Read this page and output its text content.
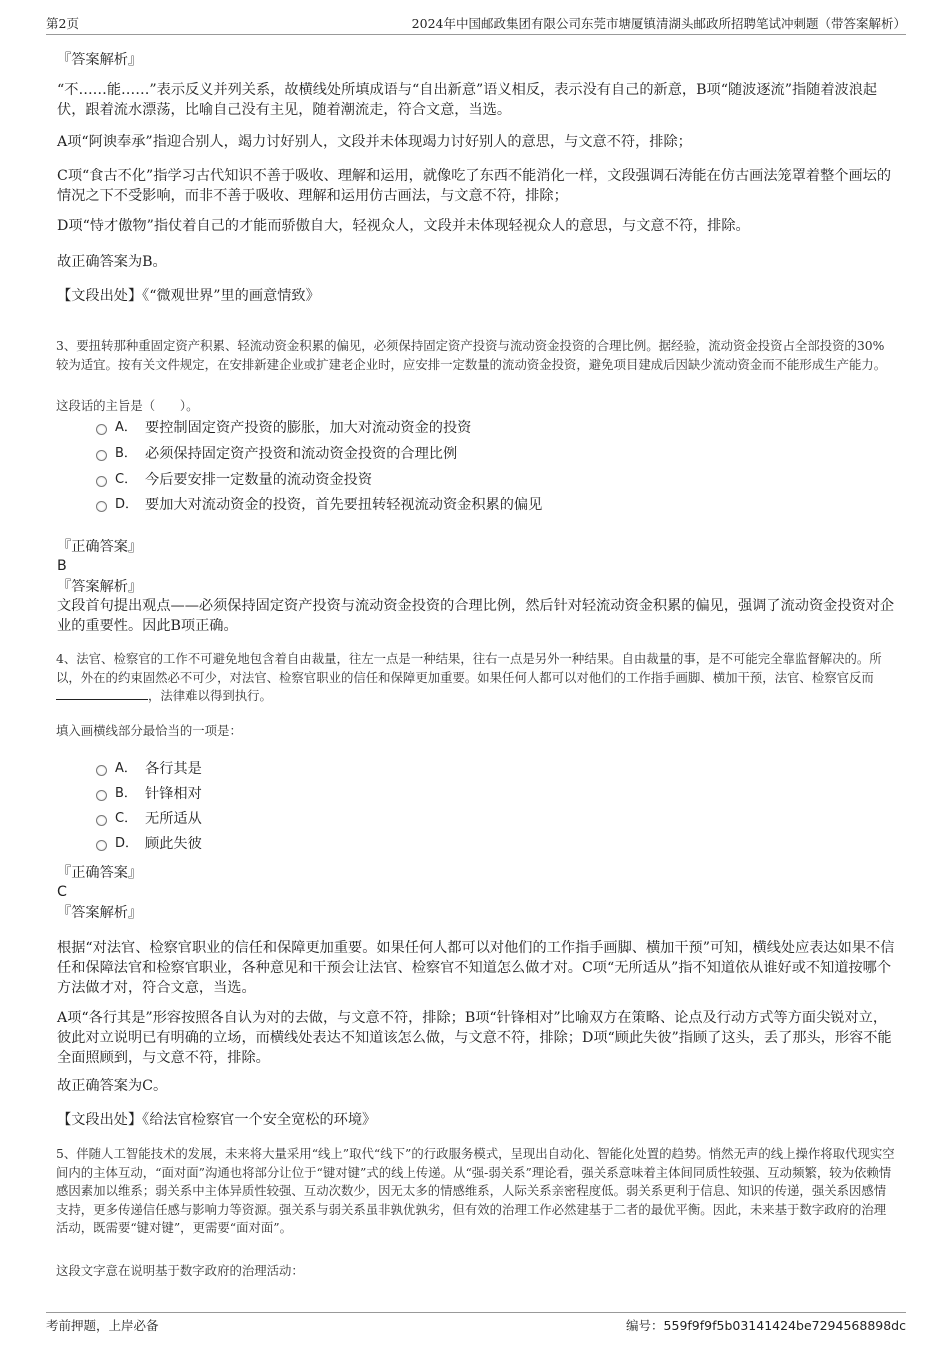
第2页	2024年中国邮政集团有限公司东莞市塘厦镇清湖头邮政所招聘笔试冲刺题（带答案解析）
『答案解析』
“不……能……”表示反义并列关系，故横线处所填成语与“自出新意”语义相反，表示没有自己的新意，B项“随波逐流”指随着波浪起伏，跟着流水漂荡，比喻自己没有主见，随着潮流走，符合文意，当选。
A项“阿谀奉承”指迎合别人，竭力讨好别人，文段并未体现竭力讨好别人的意思，与文意不符，排除；
C项“食古不化”指学习古代知识不善于吸收、理解和运用，就像吃了东西不能消化一样，文段强调石涛能在仿古画法笼罩着整个画坛的情况之下不受影响，而非不善于吸收、理解和运用仿古画法，与文意不符，排除；
D项“恃才傲物”指仗着自己的才能而骄傲自大，轻视众人，文段并未体现轻视众人的意思，与文意不符，排除。
故正确答案为B。
【文段出处】《“微观世界”里的画意情致》
3、要扭转那种重固定资产积累、轻流动资金积累的偏见，必须保持固定资产投资与流动资金投资的合理比例。据经验，流动资金投资占全部投资的30%较为适宜。按有关文件规定，在安排新建企业或扩建老企业时，应安排一定数量的流动资金投资，避免项目建成后因缺少流动资金而不能形成生产能力。
这段话的主旨是（　　）。
A． 要控制固定资产投资的膨胀，加大对流动资金的投资
B． 必须保持固定资产投资和流动资金投资的合理比例
C． 今后要安排一定数量的流动资金投资
D． 要加大对流动资金的投资，首先要扭转轻视流动资金积累的偏见
『正确答案』
B
『答案解析』
文段首句提出观点——必须保持固定资产投资与流动资金投资的合理比例，然后针对轻流动资金积累的偏见，强调了流动资金投资对企业的重要性。因此B项正确。
4、法官、检察官的工作不可避免地包含着自由裁量，往左一点是一种结果，往右一点是另外一种结果。自由裁量的事，是不可能完全靠监督解决的。所以，外在的约束固然必不可少，对法官、检察官职业的信任和保障更加重要。如果任何人都可以对他们的工作指手画脚、横加干预，法官、检察官反而，法律难以得到执行。
填入画横线部分最恰当的一项是：
A． 各行其是
B． 针锋相对
C． 无所适从
D． 顾此失彼
『正确答案』
C
『答案解析』
根据“对法官、检察官职业的信任和保障更加重要。如果任何人都可以对他们的工作指手画脚、横加干预”可知，横线处应表达如果不信任和保障法官和检察官职业，各种意见和干预会让法官、检察官不知道怎么做才对。C项“无所适从”指不知道依从谁好或不知道按哪个方法做才对，符合文意，当选。
A项“各行其是”形容按照各自认为对的去做，与文意不符，排除；B项“针锋相对”比喻双方在策略、论点及行动方式等方面尖锐对立，彼此对立说明已有明确的立场，而横线处表达不知道该怎么做，与文意不符，排除；D项“顾此失彼”指顾了这头，丢了那头，形容不能全面照顾到，与文意不符，排除。
故正确答案为C。
【文段出处】《给法官检察官一个安全宽松的环境》
5、伴随人工智能技术的发展，未来将大量采用“线上”取代“线下”的行政服务模式，呈现出自动化、智能化处置的趋势。悄然无声的线上操作将取代现实空间内的主体互动，“面对面”沟通也将部分让位于“键对键”式的线上传递。从“强-弱关系”理论看，强关系意味着主体间同质性较强、互动频繁，较为依赖情感因素加以维系；弱关系中主体异质性较强、互动次数少，因无太多的情感维系，人际关系亲密程度低。弱关系更利于信息、知识的传递，强关系因感情支持，更多传递信任感与影响力等资源。强关系与弱关系虽非孰优孰劣，但有效的治理工作必然建基于二者的最优平衡。因此，未来基于数字政府的治理活动，既需要“键对键”，更需要“面对面”。
这段文字意在说明基于数字政府的治理活动：
考前押题，上岸必备	编号：559f9f9f5b03141424be7294568898dc
